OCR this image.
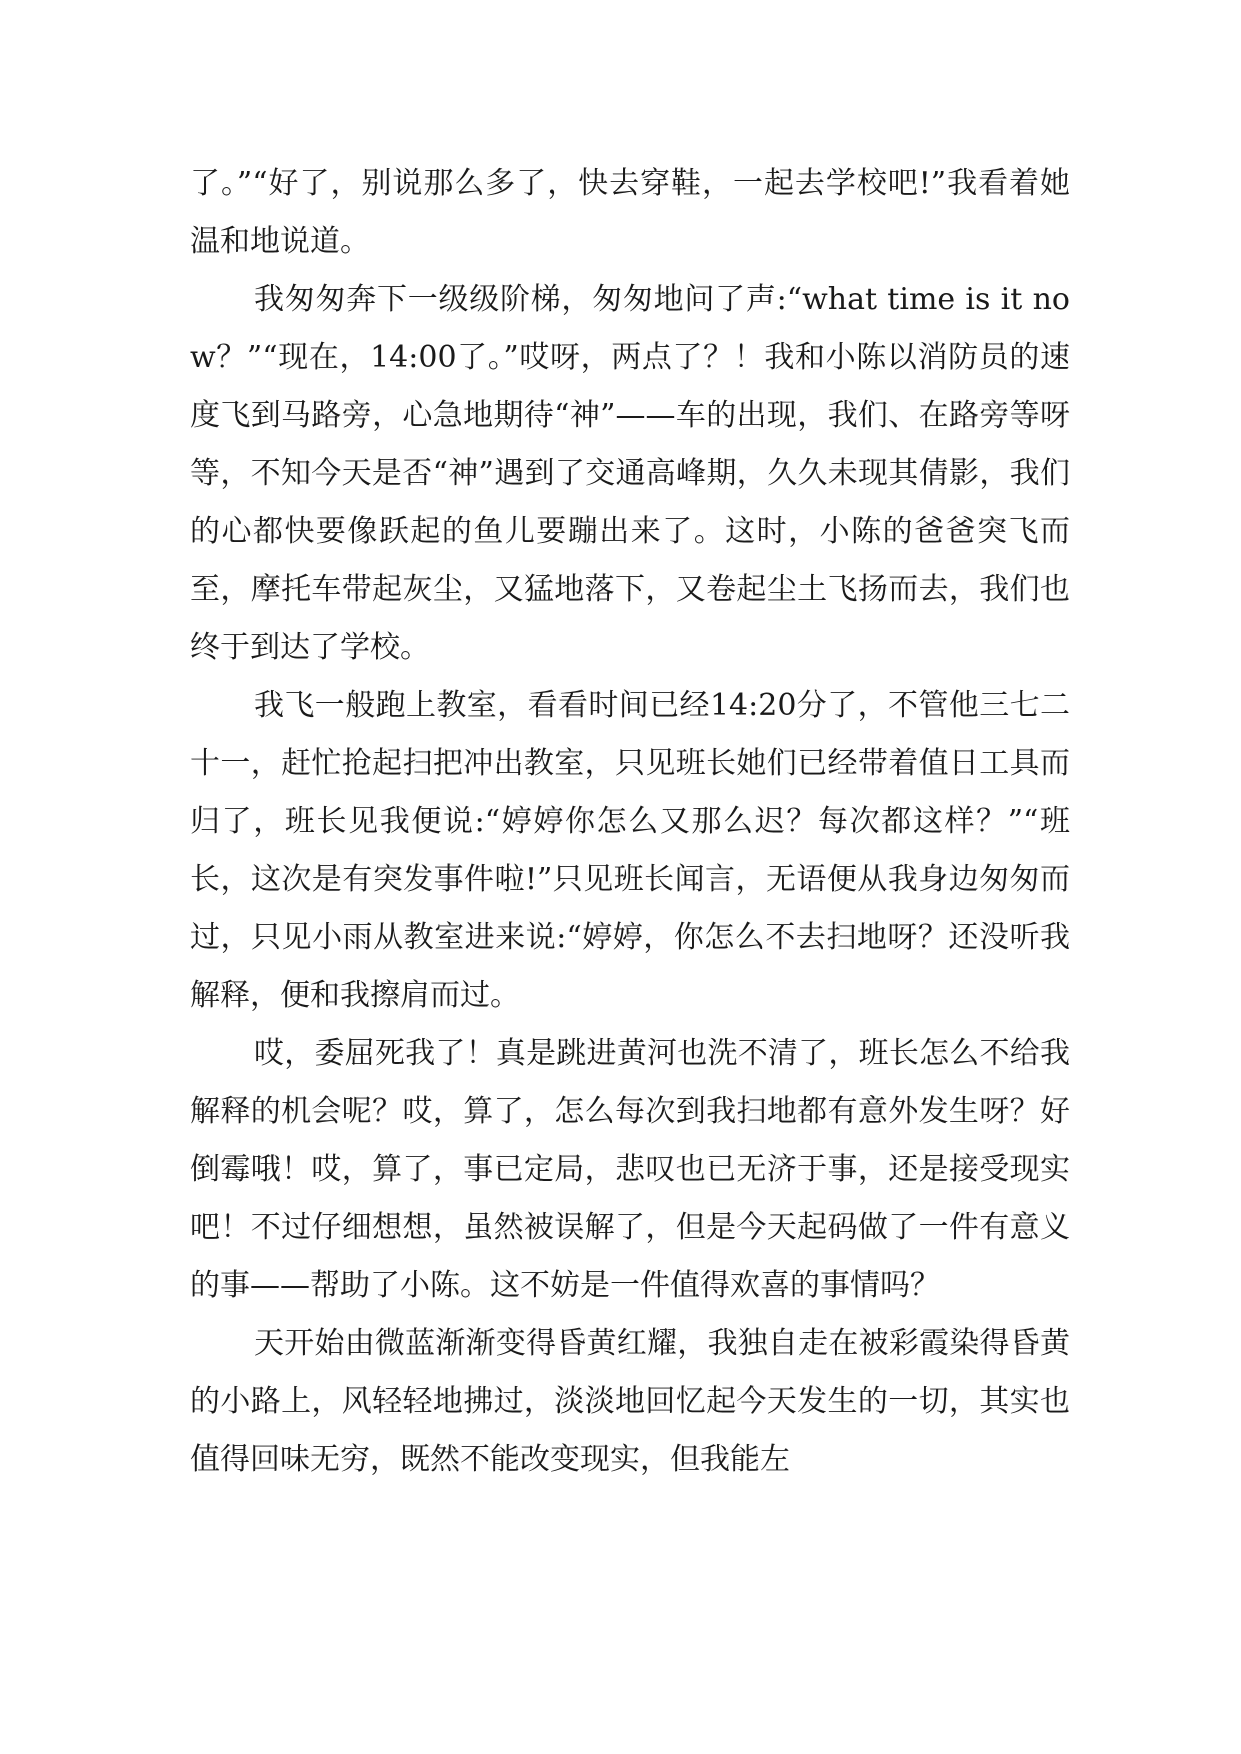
了。”“好了，别说那么多了，快去穿鞋，一起去学校吧!”我看着她温和地说道。

我匆匆奔下一级级阶梯，匆匆地问了声:“what time is it now？”“现在，14:00了。”哎呀，两点了？！我和小陈以消防员的速度飞到马路旁，心急地期待“神”——车的出现，我们、在路旁等呀等，不知今天是否“神”遇到了交通高峰期，久久未现其倩影，我们的心都快要像跃起的鱼儿要蹦出来了。这时，小陈的爸爸突飞而至，摩托车带起灰尘，又猛地落下，又卷起尘土飞扬而去，我们也终于到达了学校。

我飞一般跑上教室，看看时间已经14:20分了，不管他三七二十一，赶忙抢起扫把冲出教室，只见班长她们已经带着值日工具而归了，班长见我便说:“婷婷你怎么又那么迟？每次都这样？”“班长，这次是有突发事件啦!”只见班长闻言，无语便从我身边匆匆而过，只见小雨从教室进来说:“婷婷，你怎么不去扫地呀？还没听我解释，便和我擦肩而过。

哎，委屈死我了！真是跳进黄河也洗不清了，班长怎么不给我解释的机会呢？哎，算了，怎么每次到我扫地都有意外发生呀？好倒霉哦！哎，算了，事已定局，悲叹也已无济于事，还是接受现实吧！不过仔细想想，虽然被误解了，但是今天起码做了一件有意义的事——帮助了小陈。这不妨是一件值得欢喜的事情吗？

天开始由微蓝渐渐变得昏黄红耀，我独自走在被彩霞染得昏黄的小路上，风轻轻地拂过，淡淡地回忆起今天发生的一切，其实也值得回味无穷，既然不能改变现实，但我能左
